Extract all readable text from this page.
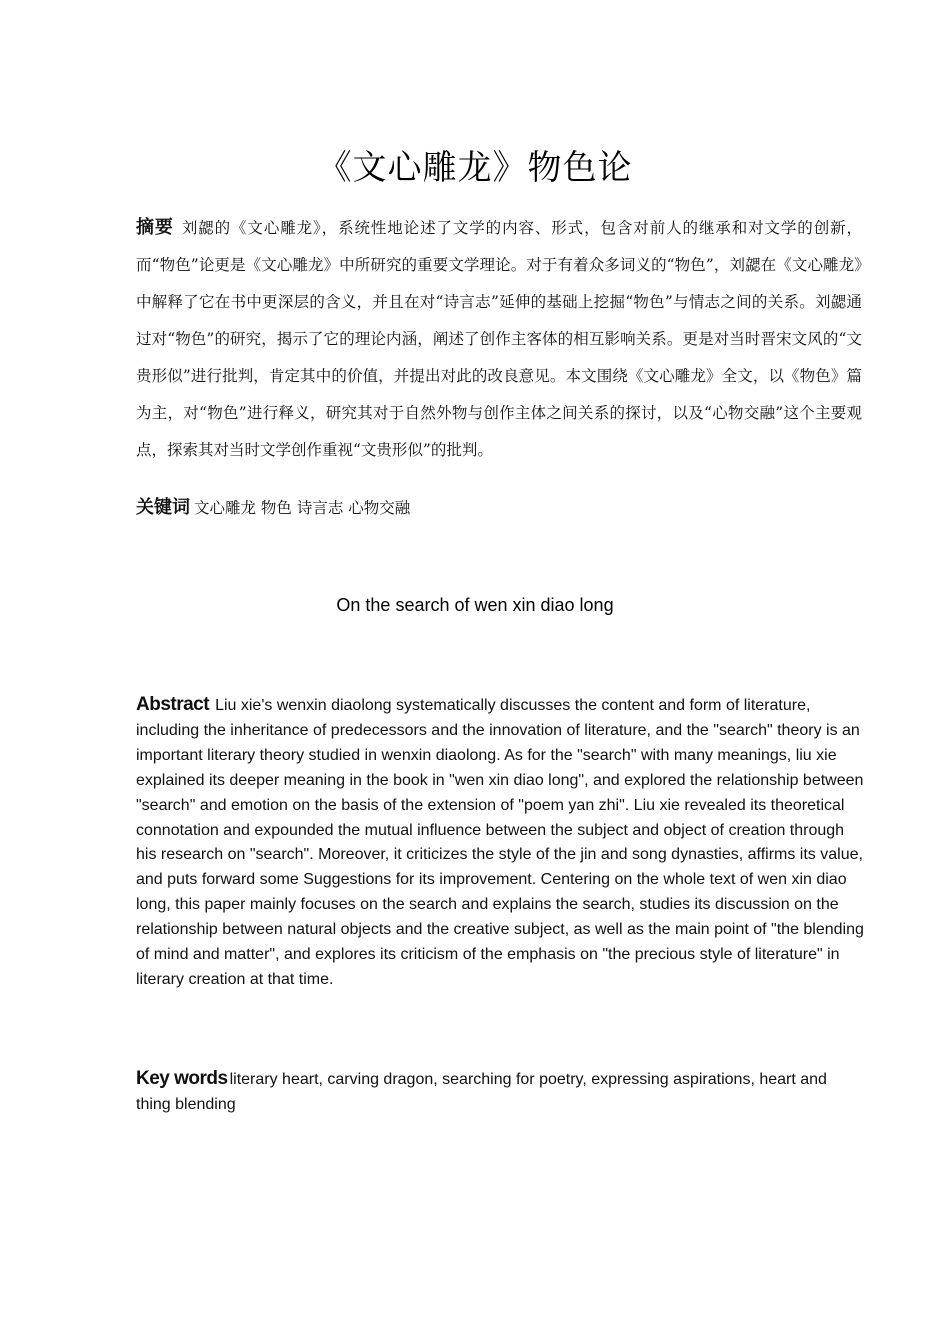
《文心雕龙》物色论
摘要 刘勰的《文心雕龙》，系统性地论述了文学的内容、形式，包含对前人的继承和对文学的创新，而“物色”论更是《文心雕龙》中所研究的重要文学理论。对于有着众多词义的“物色”，刘勰在《文心雕龙》中解释了它在书中更深层的含义，并且在对“诗言志”延伸的基础上挖掘“物色”与情志之间的关系。刘勰通过对“物色”的研究，揭示了它的理论内涵，阐述了创作主客体的相互影响关系。更是对当时晋宋文风的“文贵形似”进行批判，肯定其中的价值，并提出对此的改良意见。本文围绕《文心雕龙》全文，以《物色》篇为主，对“物色”进行释义，研究其对于自然外物与创作主体之间关系的探讨，以及“心物交融”这个主要观点，探索其对当时文学创作重视“文贵形似”的批判。
关键词 文心雕龙 物色 诗言志 心物交融
On the search of wen xin diao long
Abstract Liu xie's wenxin diaolong systematically discusses the content and form of literature, including the inheritance of predecessors and the innovation of literature, and the "search" theory is an important literary theory studied in wenxin diaolong. As for the "search" with many meanings, liu xie explained its deeper meaning in the book in "wen xin diao long", and explored the relationship between "search" and emotion on the basis of the extension of "poem yan zhi". Liu xie revealed its theoretical connotation and expounded the mutual influence between the subject and object of creation through his research on "search". Moreover, it criticizes the style of the jin and song dynasties, affirms its value, and puts forward some Suggestions for its improvement. Centering on the whole text of wen xin diao long, this paper mainly focuses on the search and explains the search, studies its discussion on the relationship between natural objects and the creative subject, as well as the main point of "the blending of mind and matter", and explores its criticism of the emphasis on "the precious style of literature" in literary creation at that time.
Key words literary heart, carving dragon, searching for poetry, expressing aspirations, heart and thing blending
